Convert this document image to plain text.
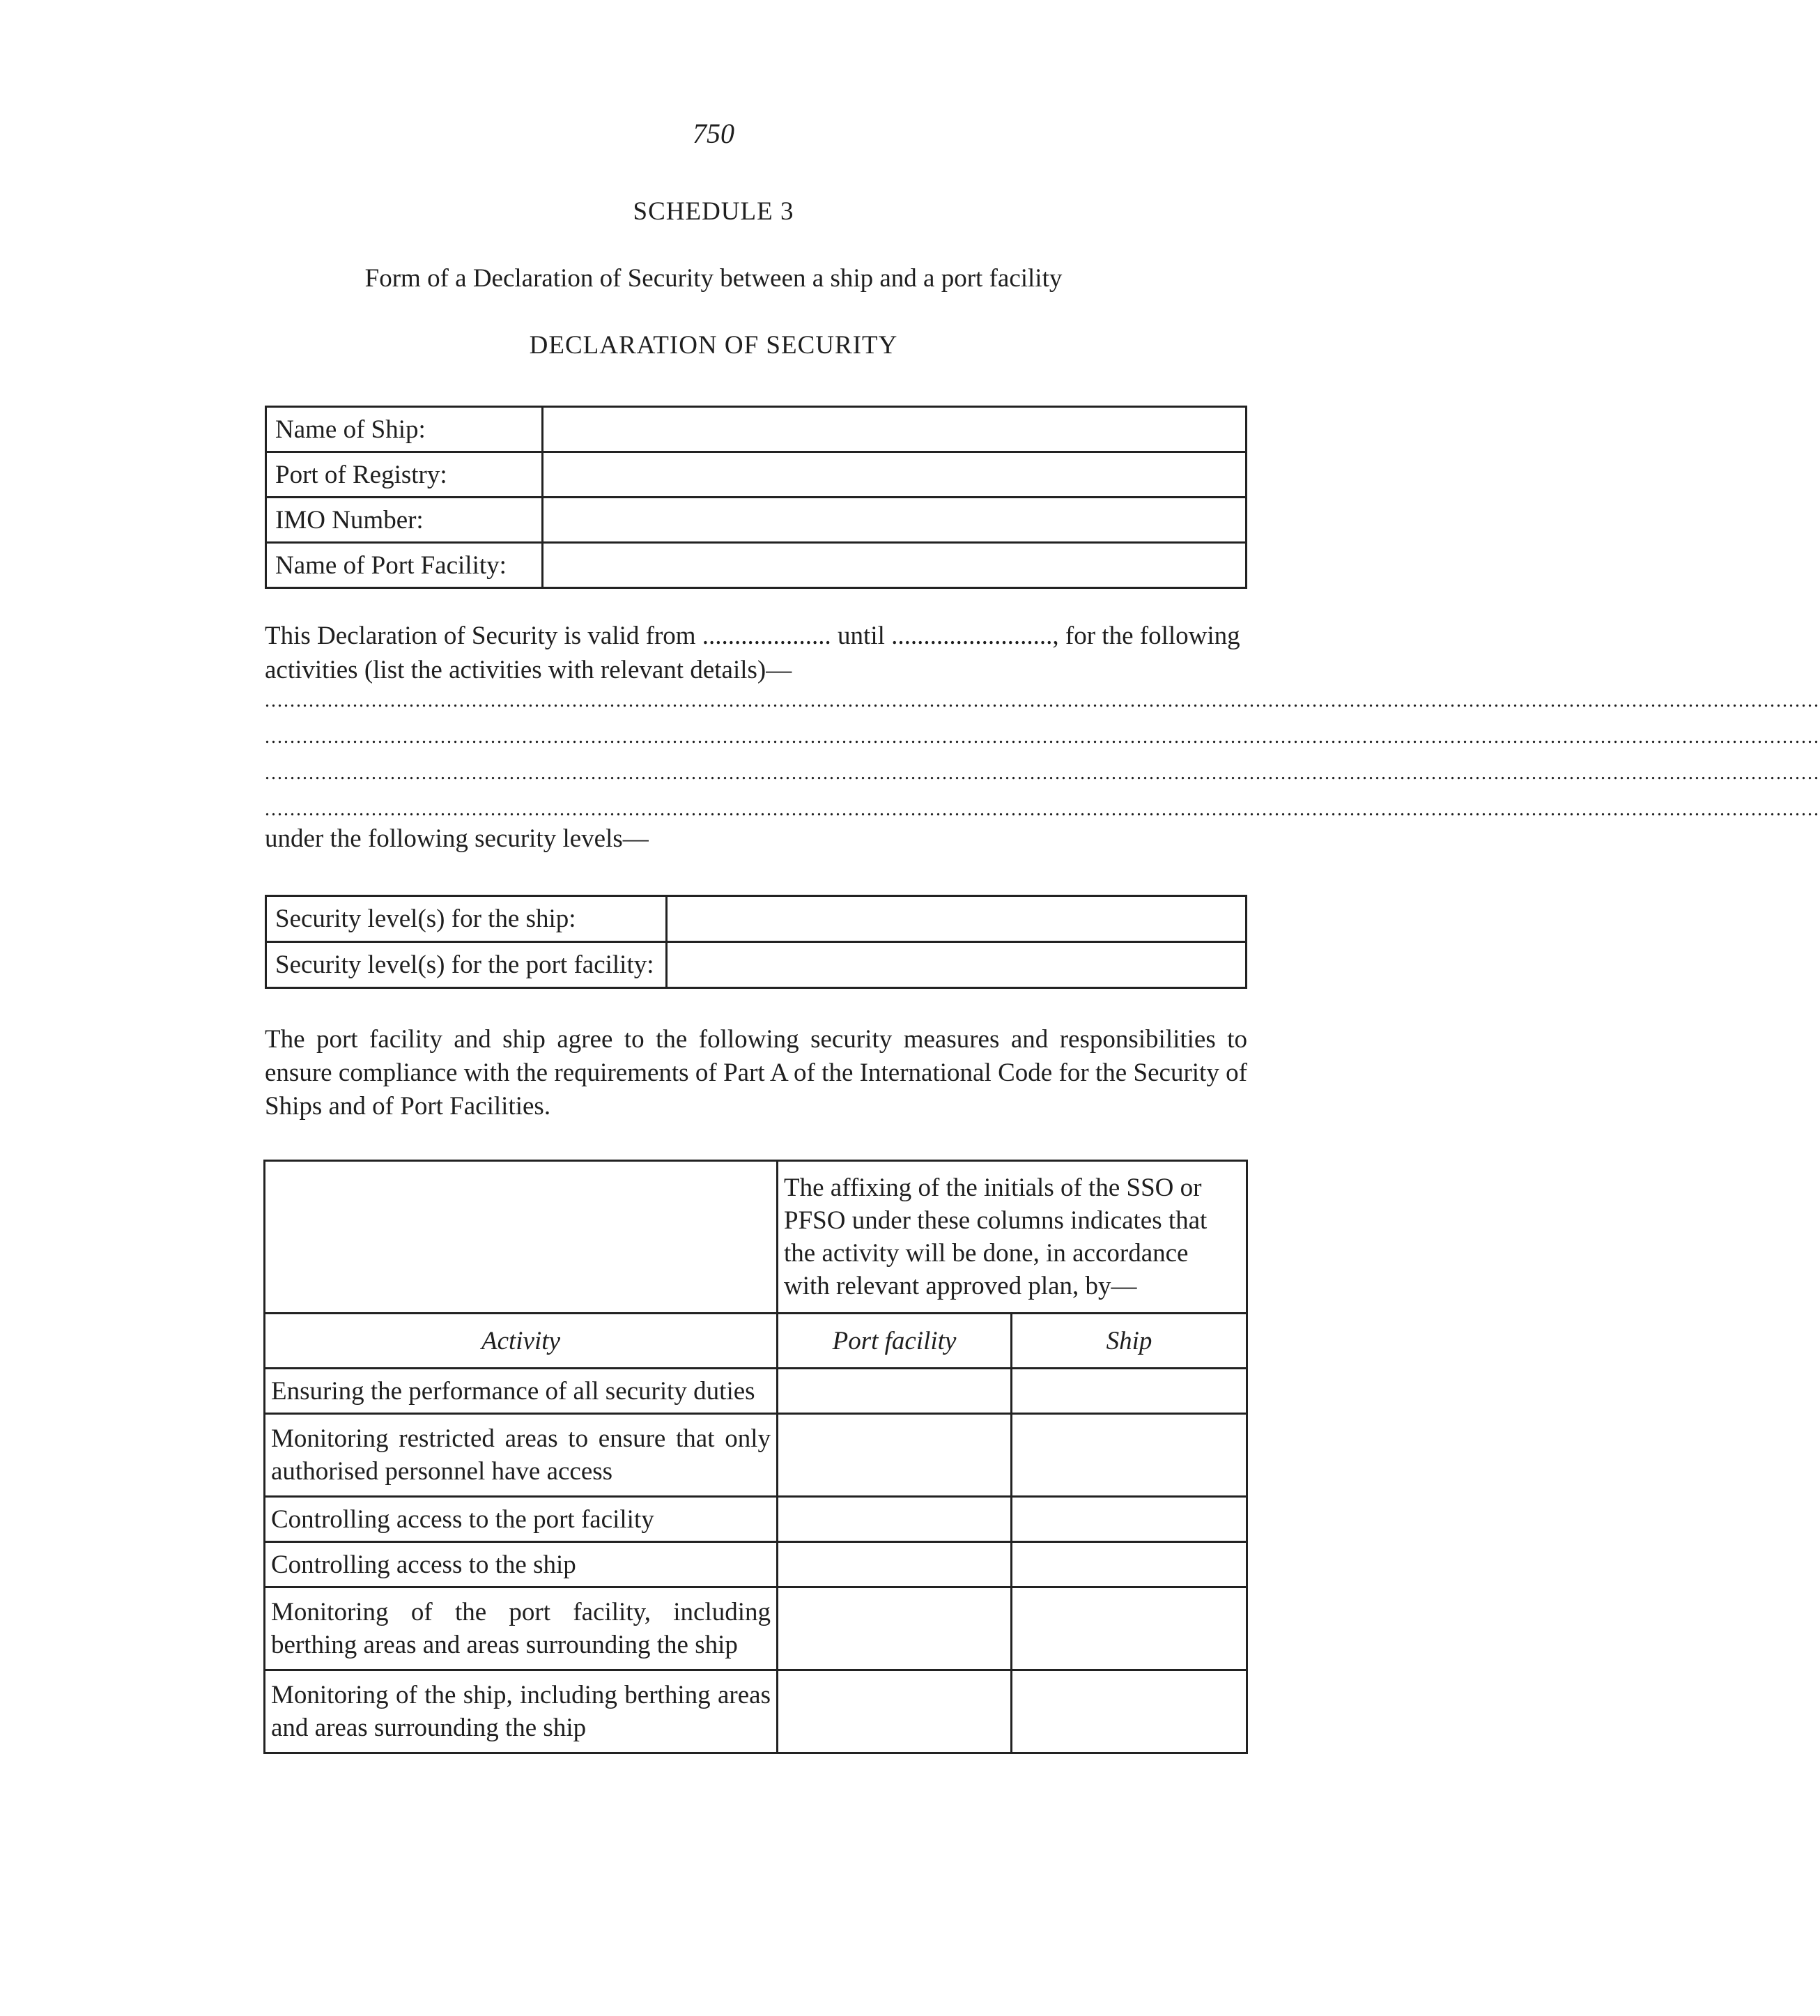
750
SCHEDULE 3
Form of a Declaration of Security between a ship and a port facility
DECLARATION OF SECURITY
Name of Ship:	
Port of Registry:	
IMO Number:	
Name of Port Facility:	
This Declaration of Security is valid from .................... until ........................., for the following activities (list the activities with relevant details)—
........................................................................................................................................................................................................................................................
........................................................................................................................................................................................................................................................
........................................................................................................................................................................................................................................................
........................................................................................................................................................................................................................................................
under the following security levels—
Security level(s) for the ship:	
Security level(s) for the port facility:	
The port facility and ship agree to the following security measures and responsibilities to ensure compliance with the requirements of Part A of the International Code for the Security of Ships and of Port Facilities.
	The affixing of the initials of the SSO or PFSO under these columns indicates that the activity will be done, in accordance with relevant approved plan, by—	
Activity	Port facility	Ship
Ensuring the performance of all security duties		
Monitoring restricted areas to ensure that only authorised personnel have access		
Controlling access to the port facility		
Controlling access to the ship		
Monitoring of the port facility, including berthing areas and areas surrounding the ship		
Monitoring of the ship, including berthing areas and areas surrounding the ship		
